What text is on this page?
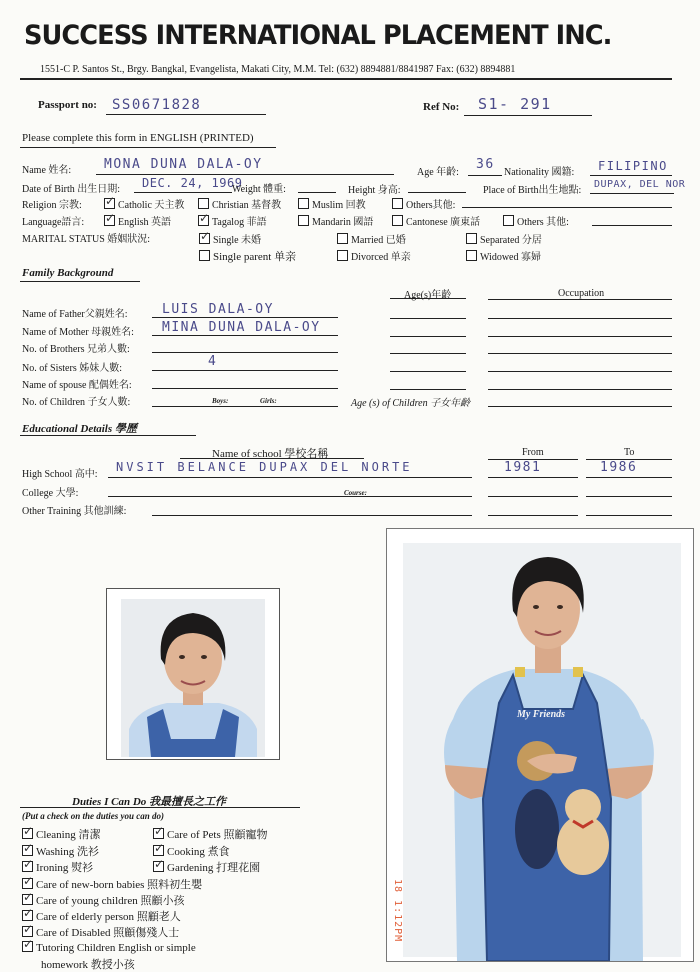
SUCCESS INTERNATIONAL PLACEMENT INC.
1551-C P. Santos St., Brgy. Bangkal, Evangelista, Makati City, M.M. Tel: (632) 8894881/8841987 Fax: (632) 8894881
Passport no: SS0671828	Ref No: S1- 291
Please complete this form in ENGLISH (PRINTED)
Name 姓名:	MONA DUNA DALA-OY
Age 年齡:
36
Nationality 國籍: FILIPINO
Date of Birth 出生日期: DEC. 24, 1969
Weight 體重:	Height 身高:	Place of Birth出生地點:
DUPAX, DEL NOR
Religion 宗教: ✓	Catholic 天主教	Christian 基督教	Muslim 回教	Others其他:
Language語言: ✓	English 英語 ✓	Tagalog 菲語	Mandarin 國語	Cantonese 廣東話	Others 其他:
MARITAL STATUS 婚姻狀況: ✓	Single 未婚	Married 已婚	Separated 分居
Single parent 单亲	Divorced 单亲	Widowed 寡婦
Family Background
Age(s)年齡	Occupation
Name of Father父親姓名:	LUIS DALA-OY
Name of Mother 母親姓名: MINA DUNA DALA-OY
No. of Brothers 兄弟人數:
No. of Sisters 姊妹人數:	4
Name of spouse 配偶姓名:
No. of Children 子女人數:	Boys:	Girls:	Age (s) of Children 子女年齡
Educational Details 學歷
Name of school 學校名稱	From	To
High School 高中:
NVSIT BELANCE DUPAX DEL NORTE	1981	1986
College 大學:	Course:
Other Training 其他訓練:
My Friends
18 1:12PM
Duties I Can Do 我最擅長之工作
(Put a check on the duties you can do)
✓Cleaning 清潔
✓Washing 洗衫
✓Ironing 熨衫
✓Care of new-born babies 照料初生嬰
✓Care of young children 照顧小孩
✓Care of elderly person 照顧老人
✓Care of Disabled 照顧傷殘人士
✓Tutoring Children English or simple
homework 教授小孩
✓Care of Pets 照顧寵物
✓Cooking 煮食
✓Gardening 打理花園
